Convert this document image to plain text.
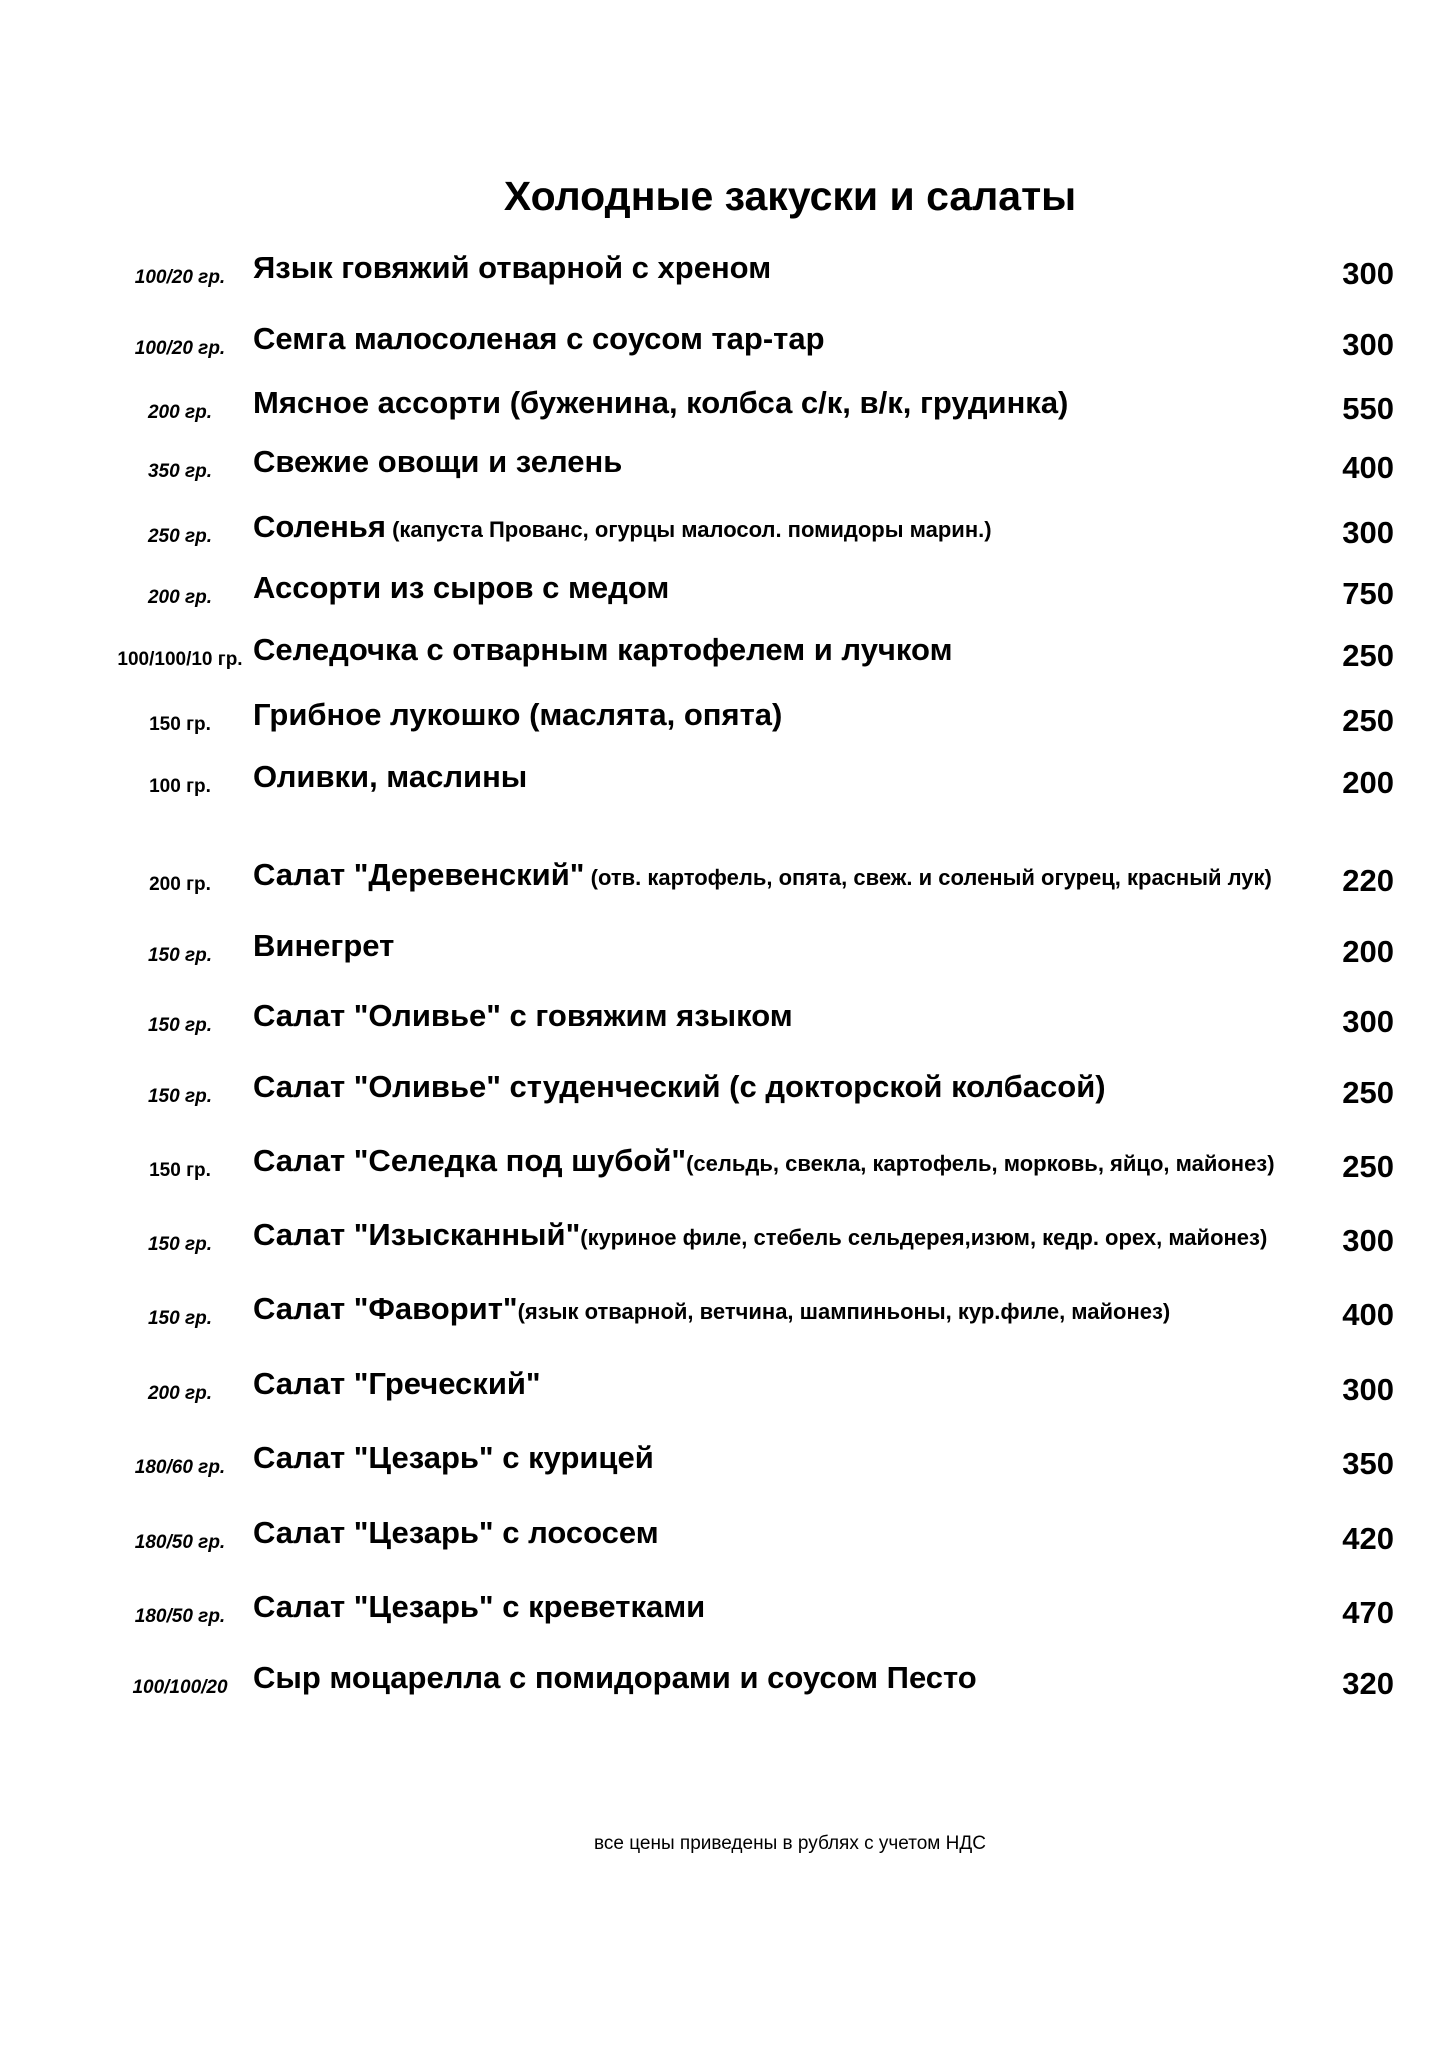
Холодные закуски и салаты
100/20 гр. Язык говяжий отварной с хреном	300
100/20 гр. Семга малосоленая с соусом тар-тар	300
200 гр.	Мясное ассорти (буженина, колбса с/к, в/к, грудинка)	550
350 гр.	Свежие овощи и зелень	400
250 гр.	Соленья (капуста Прованс, огурцы малосол. помидоры марин.)	300
200 гр.	Ассорти из сыров с медом	750
100/100/10 гр. Селедочка с отварным картофелем и лучком	250
150 гр.	Грибное лукошко (маслята, опята)	250
100 гр.	Оливки, маслины	200
200 гр.	Салат "Деревенский" (отв. картофель, опята, свеж. и соленый огурец, красный лук) 220
150 гр.	Винегрет	200
150 гр.	Салат "Оливье" с говяжим языком	300
150 гр.	Салат "Оливье" студенческий (с докторской колбасой)	250
150 гр.	Салат "Селедка под шубой"(сельдь, свекла, картофель, морковь, яйцо, майонез) 250
150 гр.	Салат "Изысканный"(куриное филе, стебель сельдерея,изюм, кедр. орех, майонез) 300
150 гр.	Салат "Фаворит"(язык отварной, ветчина, шампиньоны, кур.филе, майонез)	400
200 гр.	Салат "Греческий"	300
180/60 гр. Салат "Цезарь" с курицей	350
180/50 гр. Салат "Цезарь" с лососем	420
180/50 гр. Салат "Цезарь" с креветками	470
100/100/20 Сыр моцарелла с помидорами и соусом Песто	320
все цены приведены в рублях с учетом НДС
